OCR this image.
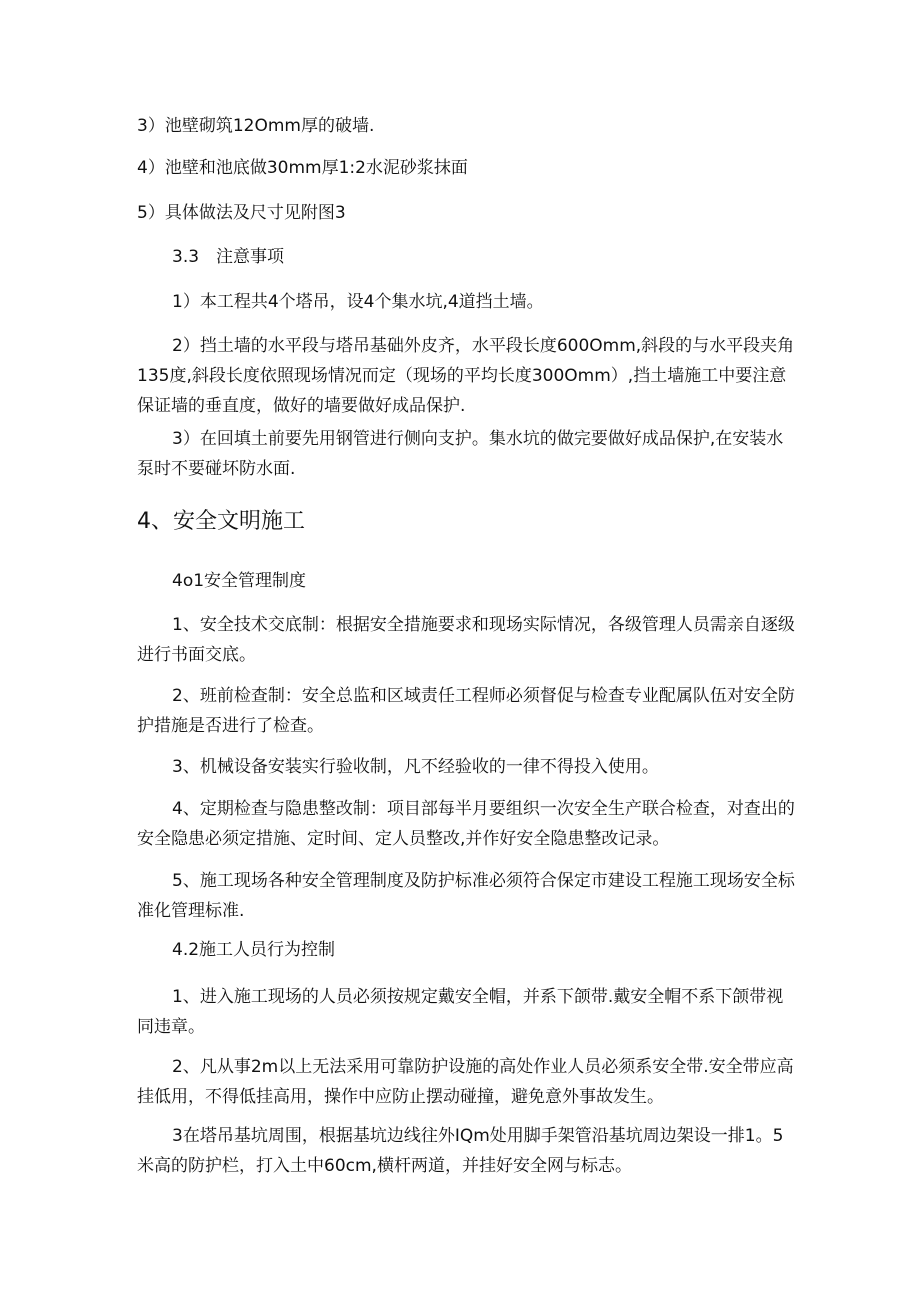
3）池壁砌筑12Omm厚的破墙.

4）池壁和池底做30mm厚1:2水泥砂浆抹面

5）具体做法及尺寸见附图3

3.3　注意事项

1）本工程共4个塔吊，设4个集水坑,4道挡土墙。

2）挡土墙的水平段与塔吊基础外皮齐，水平段长度600Omm,斜段的与水平段夹角135度,斜段长度依照现场情况而定（现场的平均长度300Omm）,挡土墙施工中要注意保证墙的垂直度，做好的墙要做好成品保护.

3）在回填土前要先用钢管进行侧向支护。集水坑的做完要做好成品保护,在安装水泵时不要碰坏防水面.

4、安全文明施工

4o1安全管理制度

1、安全技术交底制：根据安全措施要求和现场实际情况，各级管理人员需亲自逐级进行书面交底。

2、班前检查制：安全总监和区域责任工程师必须督促与检查专业配属队伍对安全防护措施是否进行了检查。

3、机械设备安装实行验收制，凡不经验收的一律不得投入使用。

4、定期检查与隐患整改制：项目部每半月要组织一次安全生产联合检查，对查出的安全隐患必须定措施、定时间、定人员整改,并作好安全隐患整改记录。

5、施工现场各种安全管理制度及防护标准必须符合保定市建设工程施工现场安全标准化管理标准.

4.2施工人员行为控制

1、进入施工现场的人员必须按规定戴安全帽，并系下颌带.戴安全帽不系下颌带视同违章。

2、凡从事2m以上无法采用可靠防护设施的高处作业人员必须系安全带.安全带应高挂低用，不得低挂高用，操作中应防止摆动碰撞，避免意外事故发生。

3在塔吊基坑周围，根据基坑边线往外IQm处用脚手架管沿基坑周边架设一排1。5米高的防护栏，打入土中60cm,横杆两道，并挂好安全网与标志。
